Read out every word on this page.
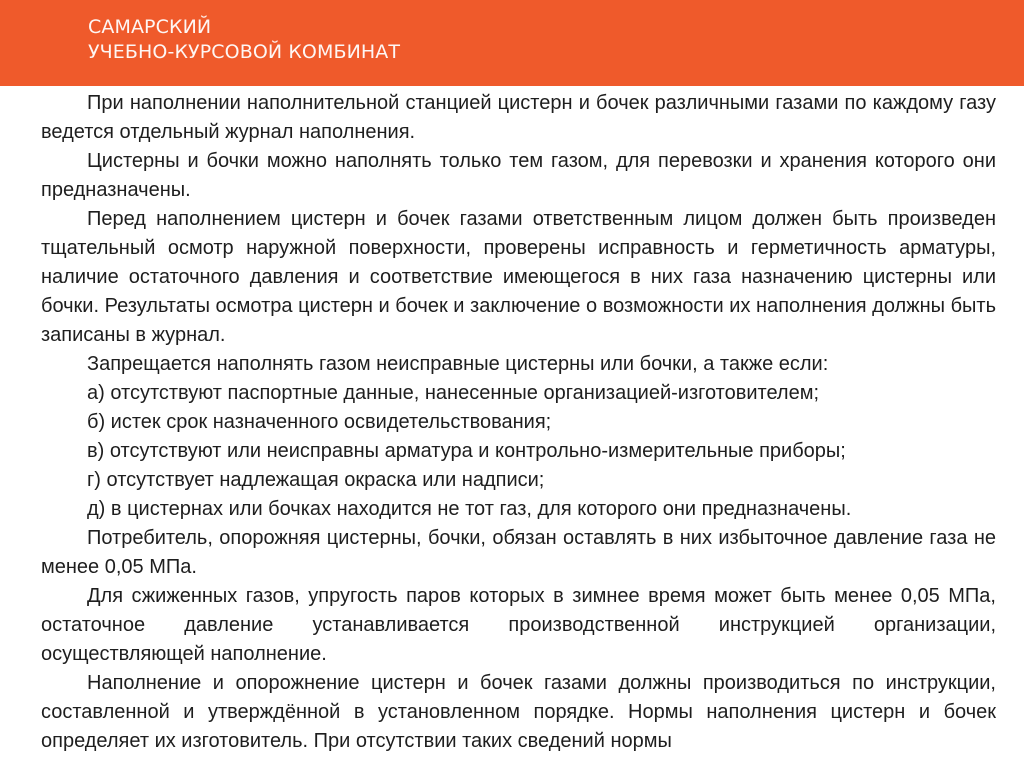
САМАРСКИЙ
УЧЕБНО-КУРСОВОЙ КОМБИНАТ

При наполнении наполнительной станцией цистерн и бочек различными газами по каждому газу ведется отдельный журнал наполнения.

Цистерны и бочки можно наполнять только тем газом, для перевозки и хранения которого они предназначены.

Перед наполнением цистерн и бочек газами ответственным лицом должен быть произведен тщательный осмотр наружной поверхности, проверены исправность и герметичность арматуры, наличие остаточного давления и соответствие имеющегося в них газа назначению цистерны или бочки. Результаты осмотра цистерн и бочек и заключение о возможности их наполнения должны быть записаны в журнал.

Запрещается наполнять газом неисправные цистерны или бочки, а также если:

а) отсутствуют паспортные данные, нанесенные организацией-изготовителем;

б) истек срок назначенного освидетельствования;

в) отсутствуют или неисправны арматура и контрольно-измерительные приборы;

г) отсутствует надлежащая окраска или надписи;

д) в цистернах или бочках находится не тот газ, для которого они предназначены.

Потребитель, опорожняя цистерны, бочки, обязан оставлять в них избыточное давление газа не менее 0,05 МПа.

Для сжиженных газов, упругость паров которых в зимнее время может быть менее 0,05 МПа, остаточное давление устанавливается производственной инструкцией организации, осуществляющей наполнение.

Наполнение и опорожнение цистерн и бочек газами должны производиться по инструкции, составленной и утверждённой в установленном порядке. Нормы наполнения цистерн и бочек определяет их изготовитель. При отсутствии таких сведений нормы
